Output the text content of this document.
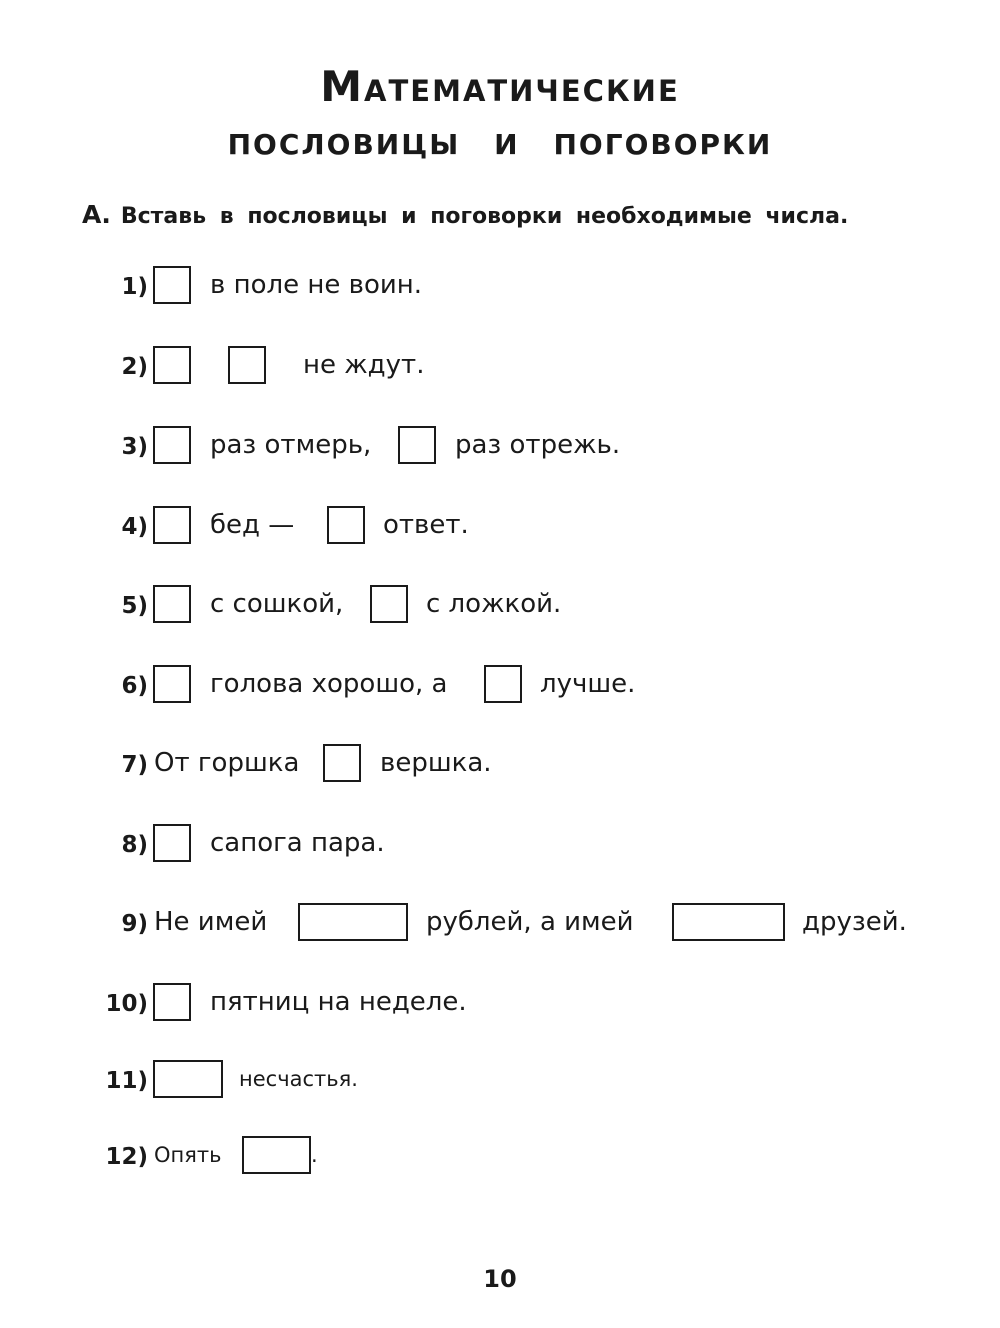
Математические
пословицы и поговорки
А. Вставь в пословицы и поговорки необходимые числа.
1) в поле не воин.
2)	не ждут.
3) раз отмерь,	раз отрежь.
4) бед —	ответ.
5) с сошкой,	с ложкой.
6) голова хорошо, а	лучше.
7) От горшка	вершка.
8) сапога пара.
9) Не имей	рублей, а имей	друзей.
10) пятниц на неделе.
11)	несчастья.
12) Опять	.
10
